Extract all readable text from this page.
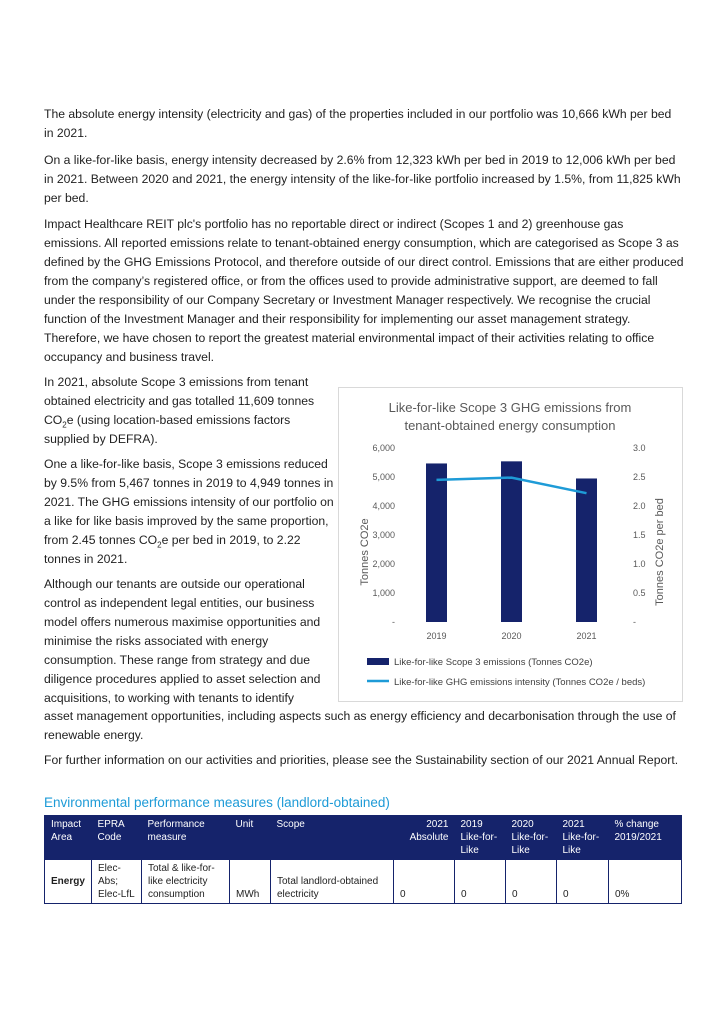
The absolute energy intensity (electricity and gas) of the properties included in our portfolio was 10,666 kWh per bed in 2021.

On a like-for-like basis, energy intensity decreased by 2.6% from 12,323 kWh per bed in 2019 to 12,006 kWh per bed in 2021. Between 2020 and 2021, the energy intensity of the like-for-like portfolio increased by 1.5%, from 11,825 kWh per bed.

Impact Healthcare REIT plc's portfolio has no reportable direct or indirect (Scopes 1 and 2) greenhouse gas emissions. All reported emissions relate to tenant-obtained energy consumption, which are categorised as Scope 3 as defined by the GHG Emissions Protocol, and therefore outside of our direct control. Emissions that are either produced from the company’s registered office, or from the offices used to provide administrative support, are deemed to fall under the responsibility of our Company Secretary or Investment Manager respectively. We recognise the crucial function of the Investment Manager and their responsibility for implementing our asset management strategy. Therefore, we have chosen to report the greatest material environmental impact of their activities relating to office occupancy and business travel.

In 2021, absolute Scope 3 emissions from tenant obtained electricity and gas totalled 11,609 tonnes $CO_2e$ (using location-based emissions factors supplied by DEFRA).

One a like-for-like basis, Scope 3 emissions reduced by 9.5% from 5,467 tonnes in 2019 to 4,949 tonnes in 2021. The GHG emissions intensity of our portfolio on a like for like basis improved by the same proportion, from 2.45 tonnes $CO_2e$ per bed in 2019, to 2.22 tonnes in 2021.

Although our tenants are outside our operational control as independent legal entities, our business model offers numerous maximise opportunities and minimise the risks associated with energy consumption. These range from strategy and due diligence procedures applied to asset selection and acquisitions, to working with tenants to identify

asset management opportunities, including aspects such as energy efficiency and decarbonisation through the use of renewable energy.

For further information on our activities and priorities, please see the Sustainability section of our 2021 Annual Report.

Like-for-like Scope 3 GHG emissions from
tenant-obtained energy consumption
-
1,000
2,000
3,000
4,000
5,000
6,000
-
0.5
1.0
1.5
2.0
2.5
3.0
2019	2020	2021
Tonnes CO2e	Tonnes CO2e per bed
Like-for-like Scope 3 emissions (Tonnes CO2e)
Like-for-like GHG emissions intensity (Tonnes CO2e / beds)
Environmental performance measures (landlord-obtained)
Impact Area	EPRA Code	Performance measure	Unit	Scope	2021 Absolute	2019 Like-for-Like	2020 Like-for-Like	2021 Like-for-Like	% change 2019/2021
Energy	Elec-Abs; Elec-LfL	Total & like-for-like electricity consumption	MWh	Total landlord-obtained electricity	0	0	0	0	0%
